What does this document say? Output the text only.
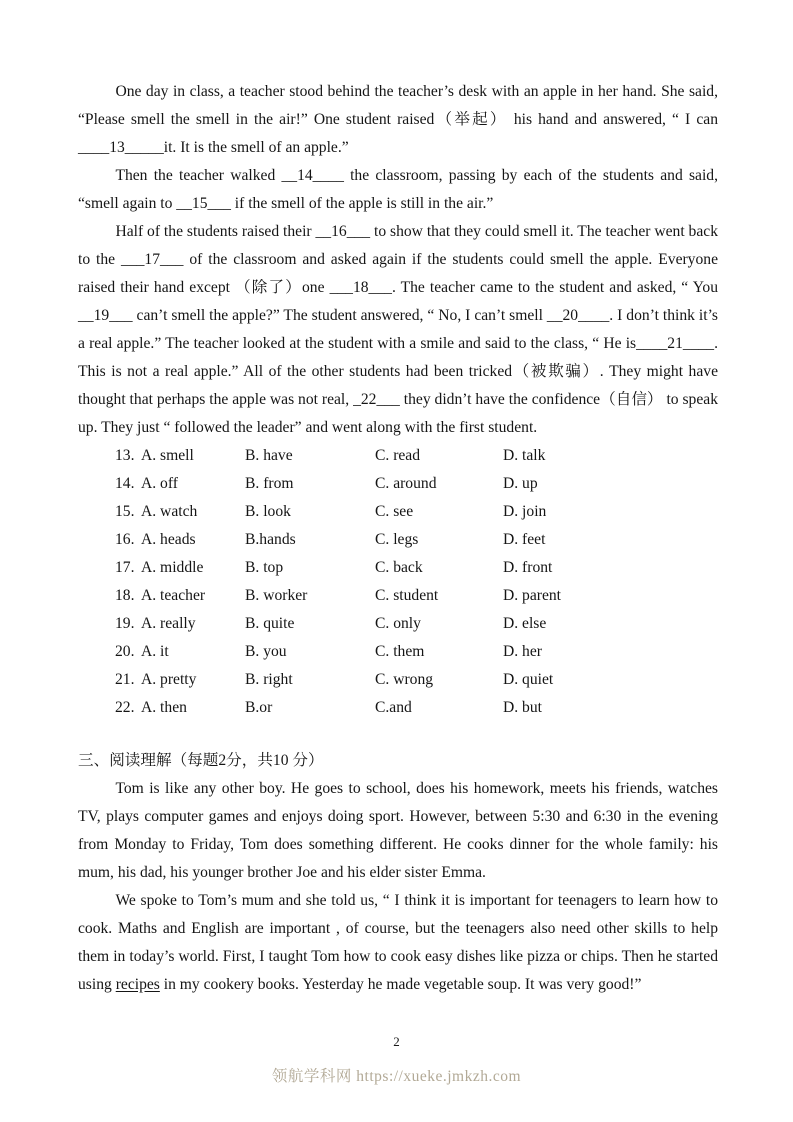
One day in class, a teacher stood behind the teacher’s desk with an apple in her hand. She said, “Please smell the smell in the air!” One student raised（举起） his hand and answered, “ I can ____13_____it. It is the smell of an apple.”

Then the teacher walked __14____ the classroom, passing by each of the students and said, “smell again to __15___ if the smell of the apple is still in the air.”

Half of the students raised their __16___ to show that they could smell it. The teacher went back to the ___17___ of the classroom and asked again if the students could smell the apple. Everyone raised their hand except （除了）one ___18___. The teacher came to the student and asked, “ You __19___ can’t smell the apple?” The student answered, “ No, I can’t smell __20____. I don’t think it’s a real apple.” The teacher looked at the student with a smile and said to the class, “ He is____21____. This is not a real apple.” All of the other students had been tricked（被欺骗）. They might have thought that perhaps the apple was not real, _22___ they didn’t have the confidence（自信） to speak up. They just “ followed the leader” and went along with the first student.

13. A. smell	B. have	C. read	D. talk
14. A. off	B. from	C. around	D. up
15. A. watch	B. look	C. see	D. join
16. A. heads	B.hands	C. legs	D. feet
17. A. middle	B. top	C. back	D. front
18. A. teacher	B. worker	C. student	D. parent
19. A. really	B. quite	C. only	D. else
20. A. it	B. you	C. them	D. her
21. A. pretty	B. right	C. wrong	D. quiet
22. A. then	B.or	C.and	D. but

三、阅读理解（每题2分，共10 分）

Tom is like any other boy. He goes to school, does his homework, meets his friends, watches TV, plays computer games and enjoys doing sport. However, between 5:30 and 6:30 in the evening from Monday to Friday, Tom does something different. He cooks dinner for the whole family: his mum, his dad, his younger brother Joe and his elder sister Emma.

We spoke to Tom’s mum and she told us, “ I think it is important for teenagers to learn how to cook. Maths and English are important , of course, but the teenagers also need other skills to help them in today’s world. First, I taught Tom how to cook easy dishes like pizza or chips. Then he started using recipes in my cookery books. Yesterday he made vegetable soup. It was very good!”

2
领航学科网 https://xueke.jmkzh.com
